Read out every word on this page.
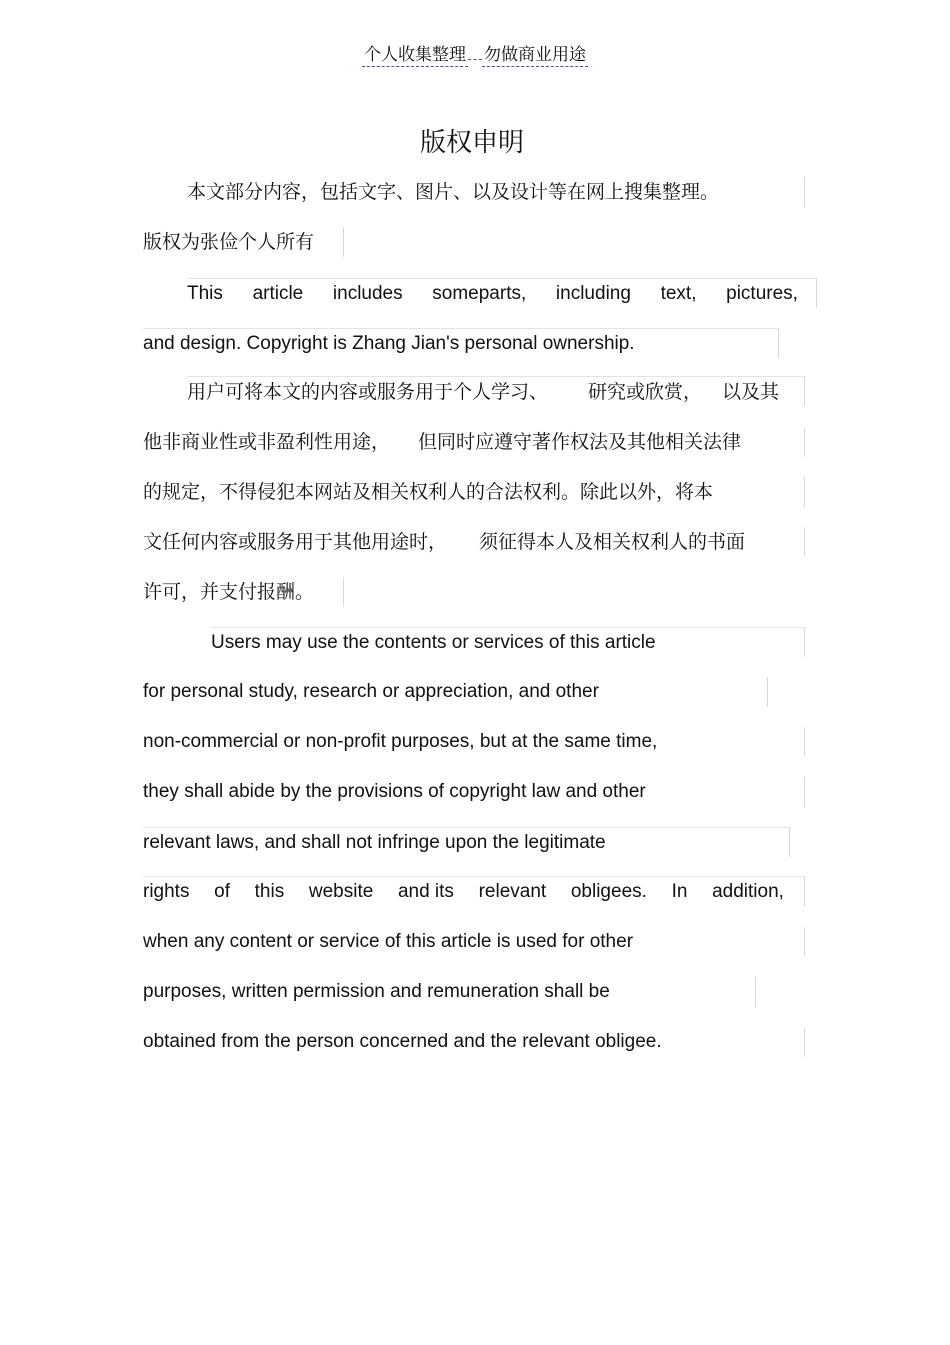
个人收集整理 勿做商业用途
版权申明
本文部分内容，包括文字、图片、以及设计等在网上搜集整理。
版权为张俭个人所有
This article includes someparts, including text, pictures,
and design. Copyright is Zhang Jian's personal ownership.
用户可将本文的内容或服务用于个人学习、 研究或欣赏， 以及其
他非商业性或非盈利性用途， 但同时应遵守著作权法及其他相关法律
的规定，不得侵犯本网站及相关权利人的合法权利。除此以外，将本
文任何内容或服务用于其他用途时， 须征得本人及相关权利人的书面
许可，并支付报酬。
Users may use the contents or services of this article
for personal study, research or appreciation, and other
non-commercial or non-profit purposes, but at the same time,
they shall abide by the provisions of copyright law and other
relevant laws, and shall not infringe upon the legitimate
rights of this website and its relevant obligees. In addition,
when any content or service of this article is used for other
purposes, written permission and remuneration shall be
obtained from the person concerned and the relevant obligee.
